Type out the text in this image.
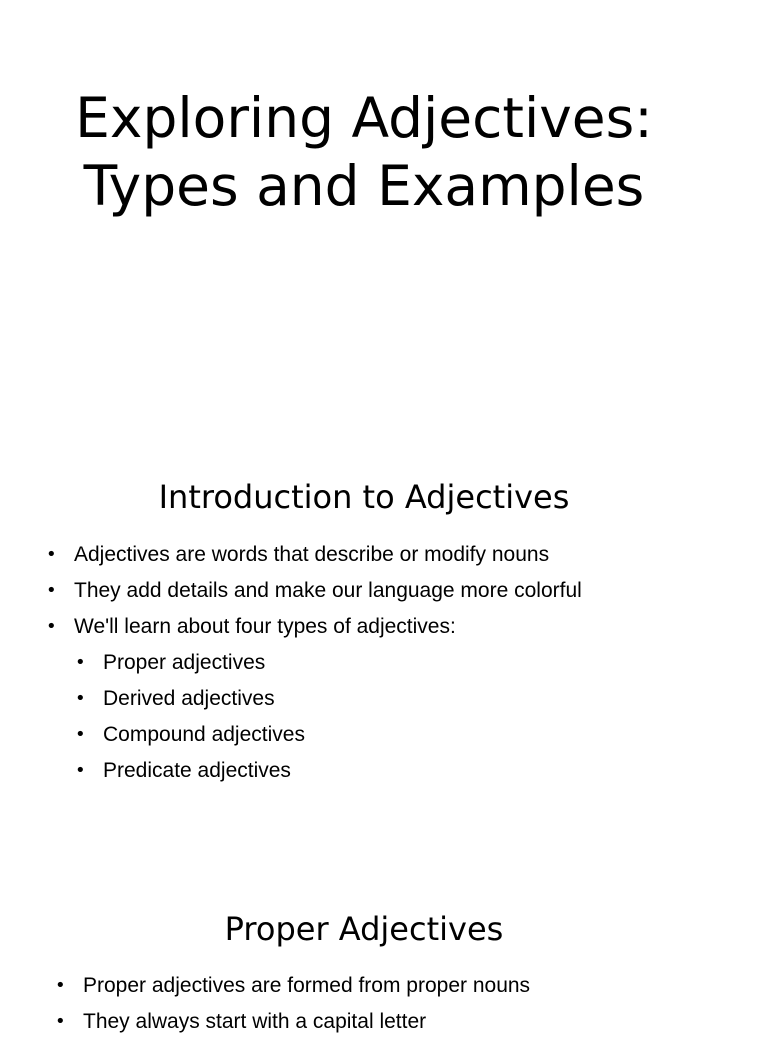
Exploring Adjectives:
Types and Examples
Introduction to Adjectives
• Adjectives are words that describe or modify nouns
• They add details and make our language more colorful
• We'll learn about four types of adjectives:
• Proper adjectives
• Derived adjectives
• Compound adjectives
• Predicate adjectives
Proper Adjectives
• Proper adjectives are formed from proper nouns
• They always start with a capital letter
